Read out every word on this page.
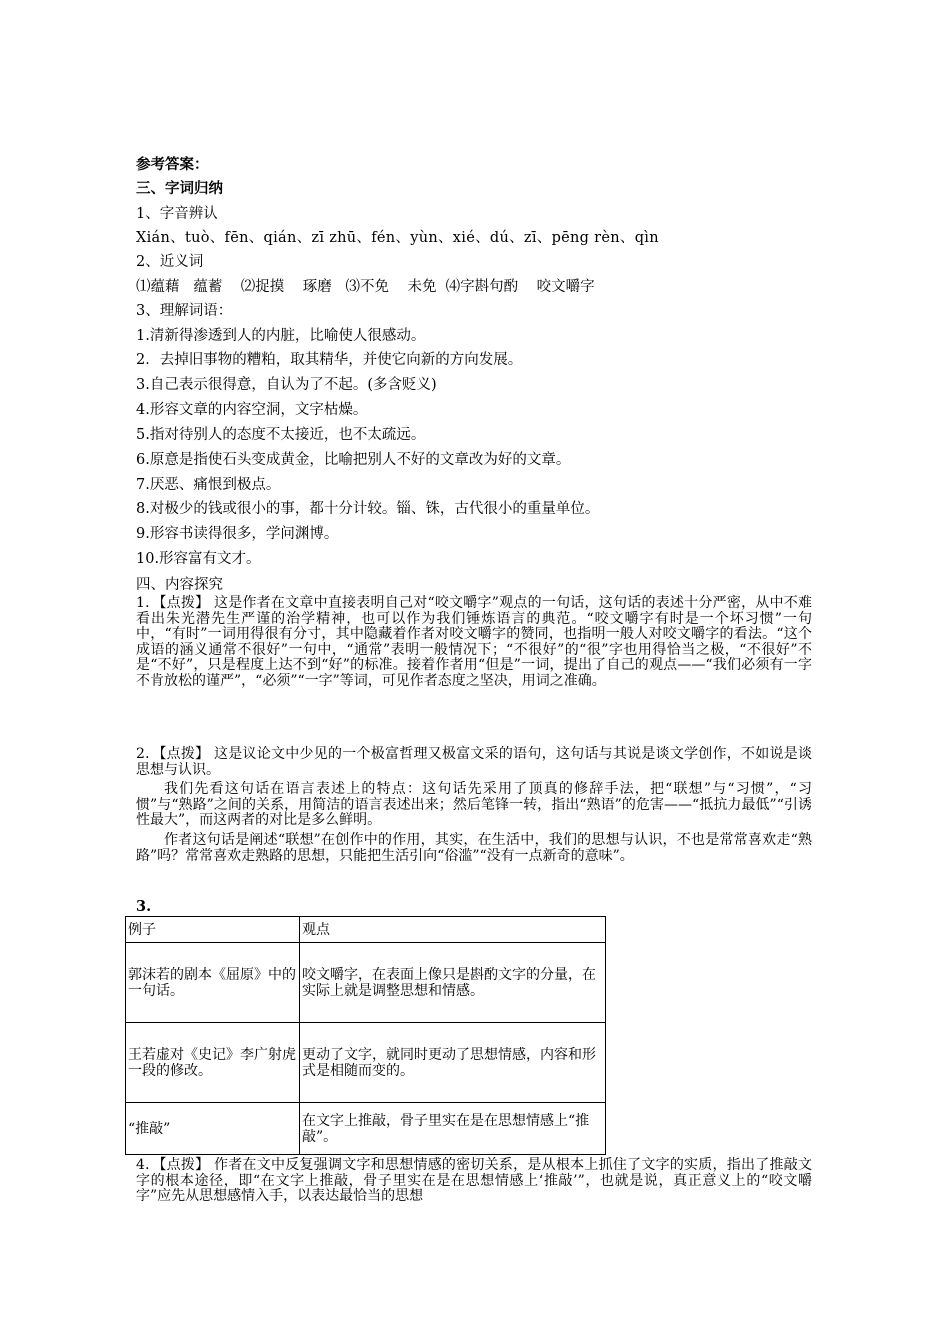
参考答案：
三、字词归纳
1、字音辨认
Xián、tuò、fēn、qián、zī zhū、fén、yùn、xié、dú、zī、pēng rèn、qìn
2、近义词
⑴蕴藉   蕴蓄    ⑵捉摸    琢磨   ⑶不免    未免  ⑷字斟句酌    咬文嚼字
3、理解词语：
1.清新得渗透到人的内脏，比喻使人很感动。
2．去掉旧事物的糟粕，取其精华，并使它向新的方向发展。
3.自己表示很得意，自认为了不起。(多含贬义)
4.形容文章的内容空洞，文字枯燥。
5.指对待别人的态度不太接近，也不太疏远。
6.原意是指使石头变成黄金，比喻把别人不好的文章改为好的文章。
7.厌恶、痛恨到极点。
8.对极少的钱或很小的事，都十分计较。锱、铢，古代很小的重量单位。
9.形容书读得很多，学问渊博。
10.形容富有文才。
四、内容探究
1．【点拨】 这是作者在文章中直接表明自己对“咬文嚼字”观点的一句话，这句话的表述十分严密，从中不难看出朱光潜先生严谨的治学精神，也可以作为我们锤炼语言的典范。“咬文嚼字有时是一个坏习惯”一句中，“有时”一词用得很有分寸，其中隐藏着作者对咬文嚼字的赞同，也指明一般人对咬文嚼字的看法。“这个成语的涵义通常不很好”一句中，“通常”表明一般情况下；“不很好”的“很”字也用得恰当之极，“不很好”不是“不好”，只是程度上达不到“好”的标准。接着作者用“但是”一词，提出了自己的观点——“我们必须有一字不肯放松的谨严”，“必须”“一字”等词，可见作者态度之坚决，用词之准确。
2．【点拨】 这是议论文中少见的一个极富哲理又极富文采的语句，这句话与其说是谈文学创作，不如说是谈思想与认识。
我们先看这句话在语言表述上的特点：这句话先采用了顶真的修辞手法，把“联想”与“习惯”，“习惯”与“熟路”之间的关系，用简洁的语言表述出来；然后笔锋一转，指出“熟语”的危害——“抵抗力最低”“引诱性最大”，而这两者的对比是多么鲜明。
作者这句话是阐述“联想”在创作中的作用，其实，在生活中，我们的思想与认识，不也是常常喜欢走“熟路”吗？常常喜欢走熟路的思想，只能把生活引向“俗滥”“没有一点新奇的意味”。
3.
例子	观点
郭沫若的剧本《屈原》中的一句话。	咬文嚼字，在表面上像只是斟酌文字的分量，在实际上就是调整思想和情感。
王若虚对《史记》李广射虎一段的修改。	更动了文字，就同时更动了思想情感，内容和形式是相随而变的。
“推敲”	在文字上推敲，骨子里实在是在思想情感上“推敲”。
4．【点拨】 作者在文中反复强调文字和思想情感的密切关系，是从根本上抓住了文字的实质，指出了推敲文字的根本途径，即“在文字上推敲，骨子里实在是在思想情感上‘推敲’”，也就是说，真正意义上的“咬文嚼字”应先从思想感情入手，以表达最恰当的思想
